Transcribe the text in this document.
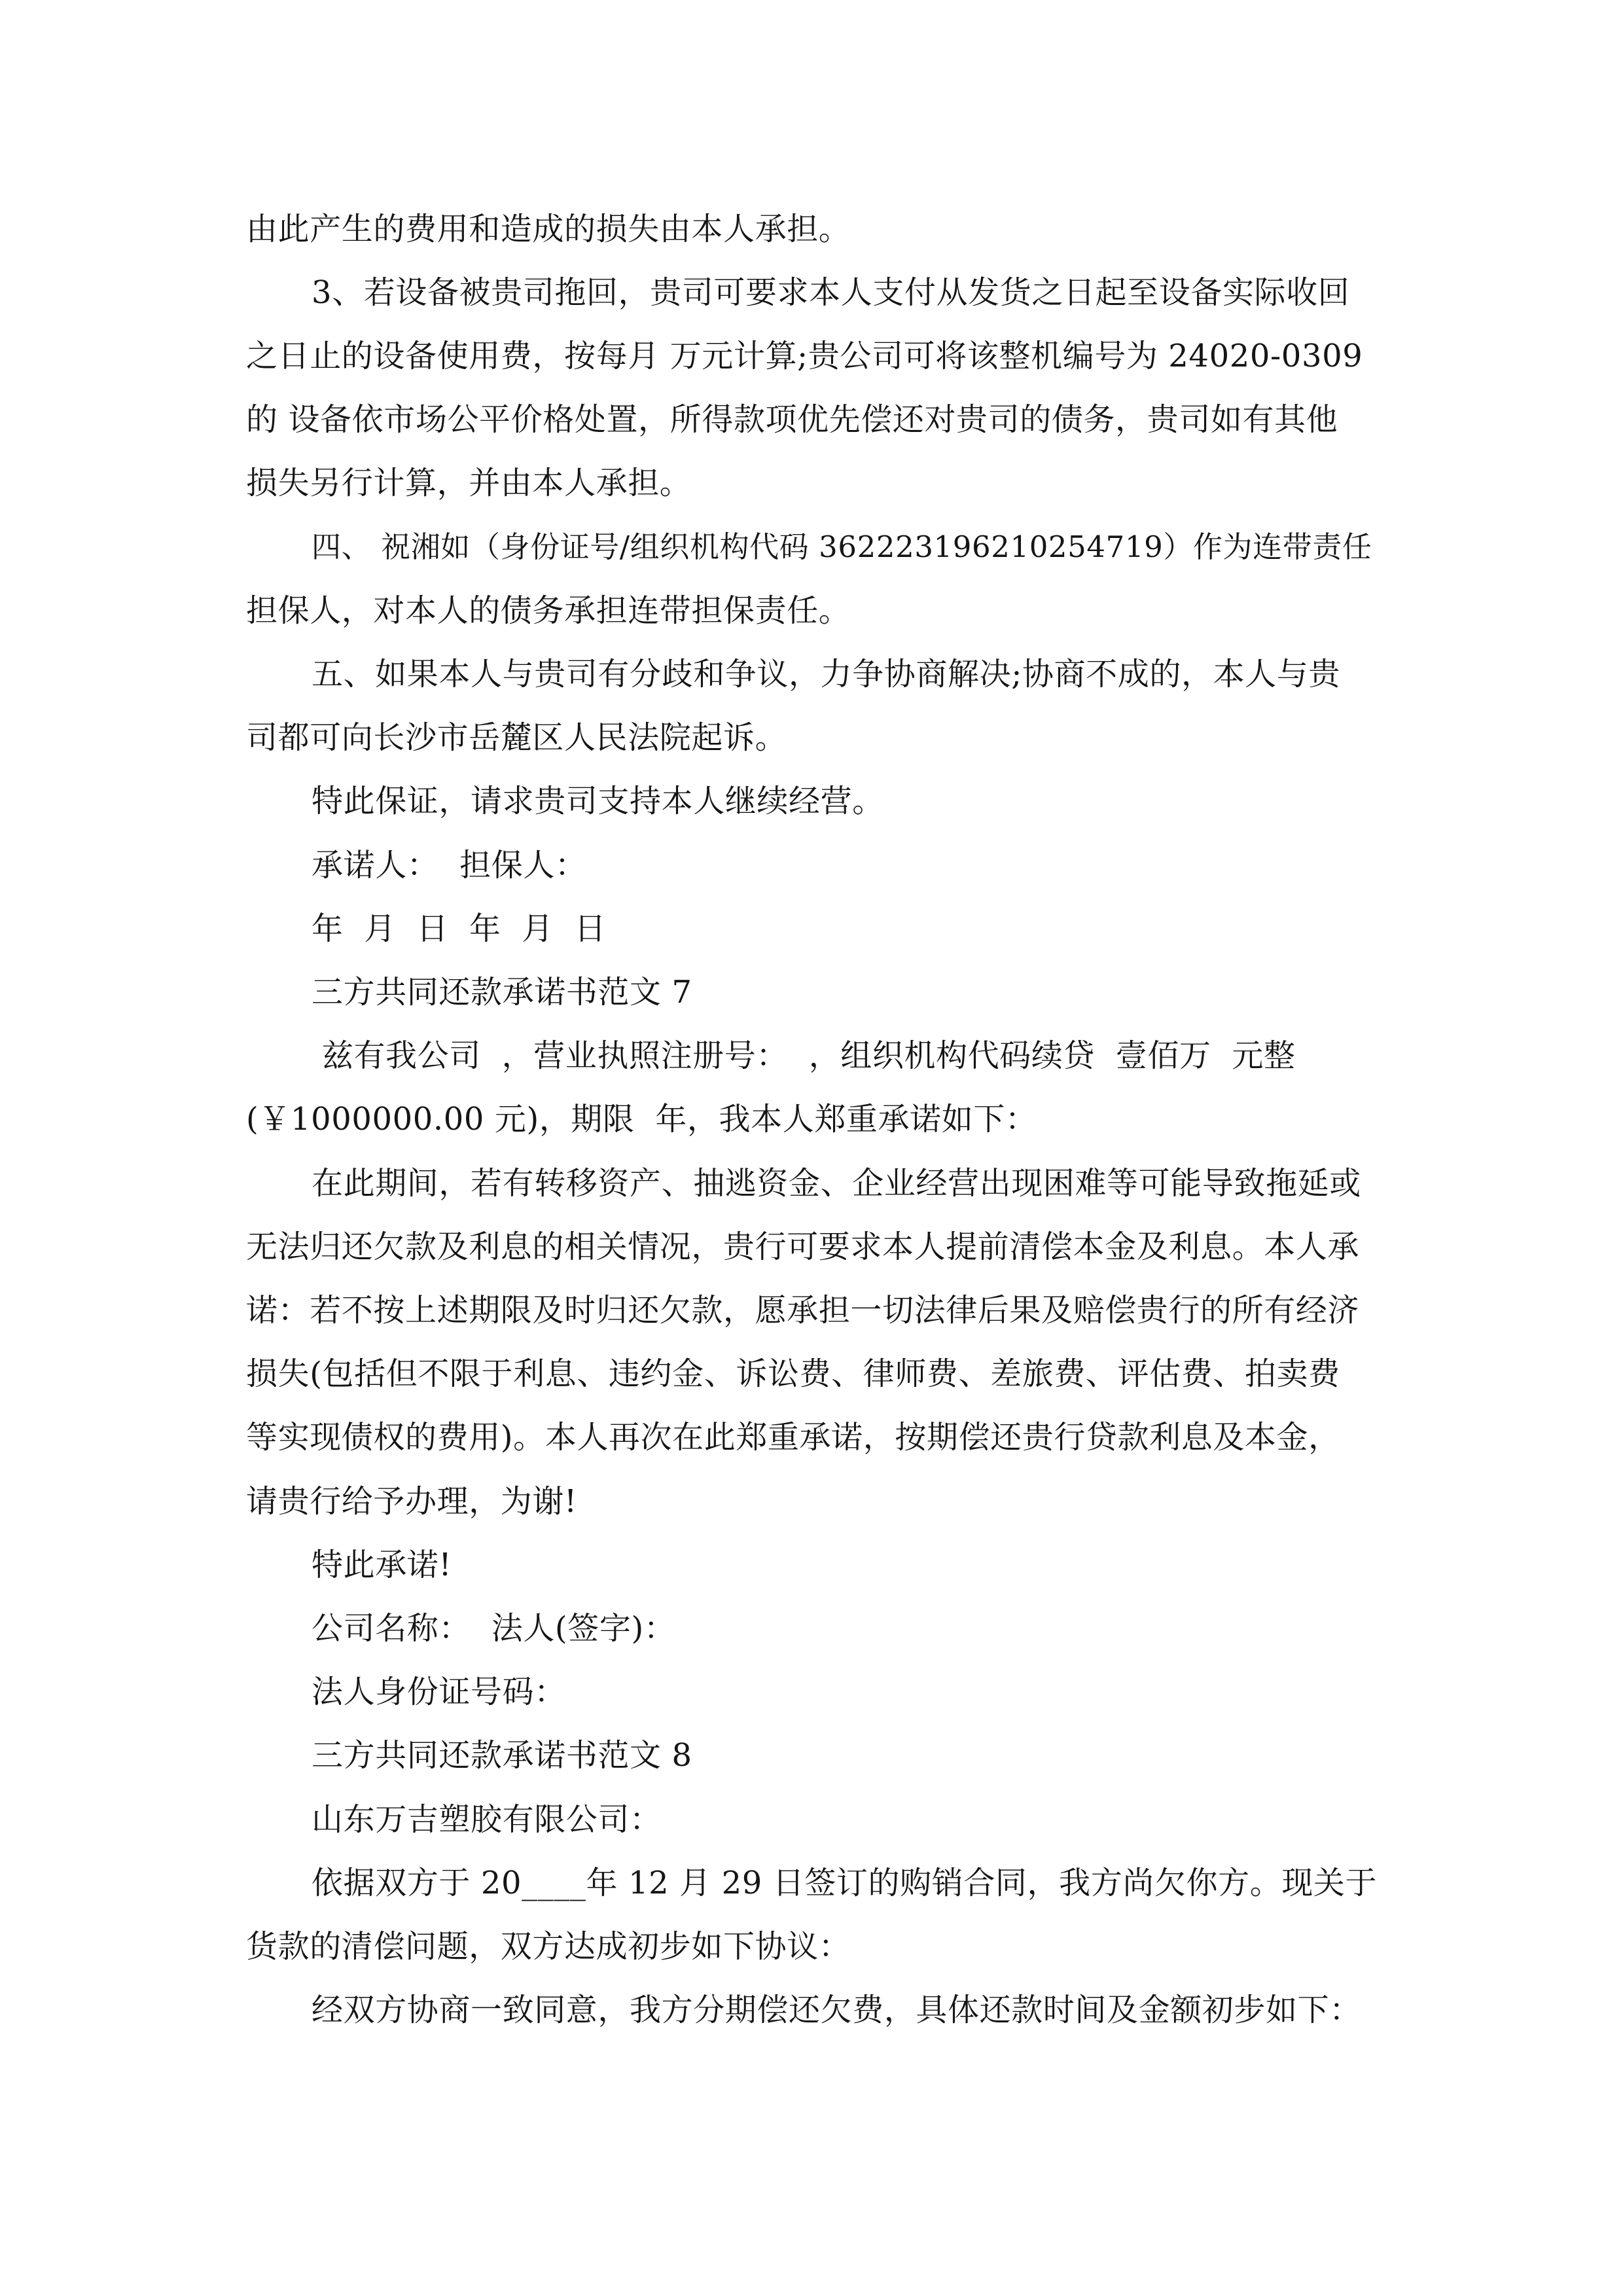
由此产生的费用和造成的损失由本人承担。
3、若设备被贵司拖回，贵司可要求本人支付从发货之日起至设备实际收回
之日止的设备使用费，按每月 万元计算;贵公司可将该整机编号为 24020-0309
的 设备依市场公平价格处置，所得款项优先偿还对贵司的债务，贵司如有其他
损失另行计算，并由本人承担。
四、 祝湘如（身份证号/组织机构代码 362223196210254719）作为连带责任
担保人，对本人的债务承担连带担保责任。
五、如果本人与贵司有分歧和争议，力争协商解决;协商不成的，本人与贵
司都可向长沙市岳麓区人民法院起诉。
特此保证，请求贵司支持本人继续经营。
承诺人：  担保人：
年  月  日  年  月  日
三方共同还款承诺书范文 7
兹有我公司  ，营业执照注册号：  ，组织机构代码续贷  壹佰万  元整
(￥1000000.00 元)，期限  年，我本人郑重承诺如下：
在此期间，若有转移资产、抽逃资金、企业经营出现困难等可能导致拖延或
无法归还欠款及利息的相关情况，贵行可要求本人提前清偿本金及利息。本人承
诺：若不按上述期限及时归还欠款，愿承担一切法律后果及赔偿贵行的所有经济
损失(包括但不限于利息、违约金、诉讼费、律师费、差旅费、评估费、拍卖费
等实现债权的费用)。本人再次在此郑重承诺，按期偿还贵行贷款利息及本金，
请贵行给予办理，为谢!
特此承诺!
公司名称：  法人(签字)：
法人身份证号码：
三方共同还款承诺书范文 8
山东万吉塑胶有限公司：
依据双方于 20____年 12 月 29 日签订的购销合同，我方尚欠你方。现关于
货款的清偿问题，双方达成初步如下协议：
经双方协商一致同意，我方分期偿还欠费，具体还款时间及金额初步如下：
